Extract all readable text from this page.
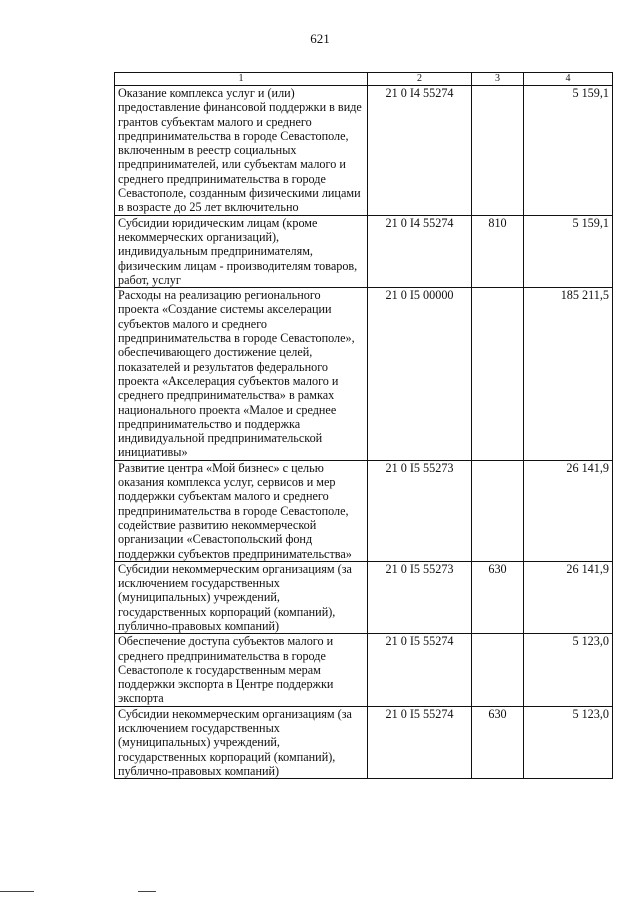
621
1	2	3	4
Оказание комплекса услуг и (или) предоставление финансовой поддержки в виде грантов субъектам малого и среднего предпринимательства в городе Севастополе, включенным в реестр социальных предпринимателей, или субъектам малого и среднего предпринимательства в городе Севастополе, созданным физическими лицами в возрасте до 25 лет включительно	21 0 I4 55274		5 159,1
Субсидии юридическим лицам (кроме некоммерческих организаций), индивидуальным предпринимателям, физическим лицам - производителям товаров, работ, услуг	21 0 I4 55274	810	5 159,1
Расходы на реализацию регионального проекта «Создание системы акселерации субъектов малого и среднего предпринимательства в городе Севастополе», обеспечивающего достижение целей, показателей и результатов федерального проекта «Акселерация субъектов малого и среднего предпринимательства» в рамках национального проекта «Малое и среднее предпринимательство и поддержка индивидуальной предпринимательской инициативы»	21 0 I5 00000		185 211,5
Развитие центра «Мой бизнес» с целью оказания комплекса услуг, сервисов и мер поддержки субъектам малого и среднего предпринимательства в городе Севастополе, содействие развитию некоммерческой организации «Севастопольский фонд поддержки субъектов предпринимательства»	21 0 I5 55273		26 141,9
Субсидии некоммерческим организациям (за исключением государственных (муниципальных) учреждений, государственных корпораций (компаний), публично-правовых компаний)	21 0 I5 55273	630	26 141,9
Обеспечение доступа субъектов малого и среднего предпринимательства в городе Севастополе к государственным мерам поддержки экспорта в Центре поддержки экспорта	21 0 I5 55274		5 123,0
Субсидии некоммерческим организациям (за исключением государственных (муниципальных) учреждений, государственных корпораций (компаний), публично-правовых компаний)	21 0 I5 55274	630	5 123,0
